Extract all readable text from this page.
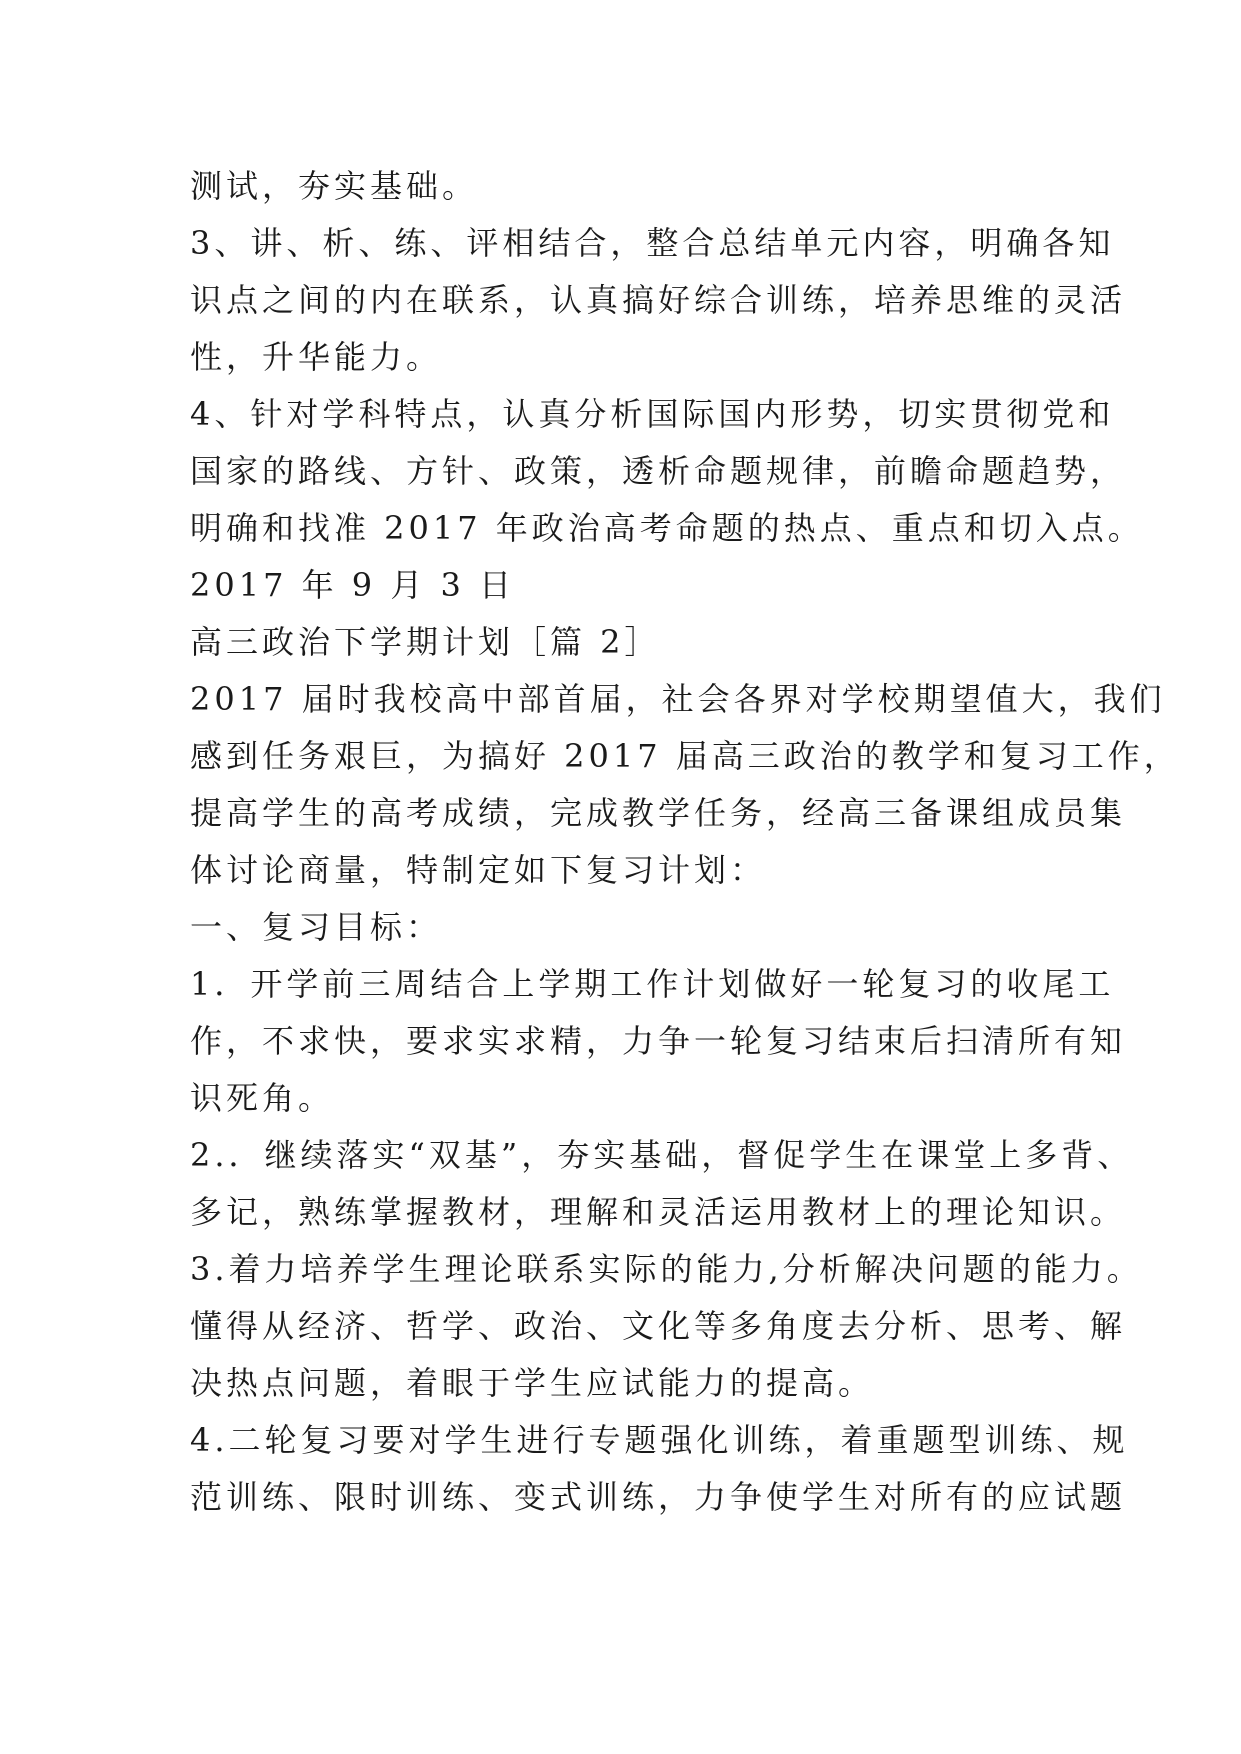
测试，夯实基础。
3、讲、析、练、评相结合，整合总结单元内容，明确各知
识点之间的内在联系，认真搞好综合训练，培养思维的灵活
性，升华能力。
4、针对学科特点，认真分析国际国内形势，切实贯彻党和
国家的路线、方针、政策，透析命题规律，前瞻命题趋势，
明确和找准 2017 年政治高考命题的热点、重点和切入点。
2017 年 9 月 3 日
高三政治下学期计划［篇 2］
2017 届时我校高中部首届，社会各界对学校期望值大，我们
感到任务艰巨，为搞好 2017 届高三政治的教学和复习工作，
提高学生的高考成绩，完成教学任务，经高三备课组成员集
体讨论商量，特制定如下复习计划：
一、复习目标：
1．开学前三周结合上学期工作计划做好一轮复习的收尾工
作，不求快，要求实求精，力争一轮复习结束后扫清所有知
识死角。
2.．继续落实“双基”，夯实基础，督促学生在课堂上多背、
多记，熟练掌握教材，理解和灵活运用教材上的理论知识。
3.着力培养学生理论联系实际的能力,分析解决问题的能力。
懂得从经济、哲学、政治、文化等多角度去分析、思考、解
决热点问题，着眼于学生应试能力的提高。
4.二轮复习要对学生进行专题强化训练，着重题型训练、规
范训练、限时训练、变式训练，力争使学生对所有的应试题
